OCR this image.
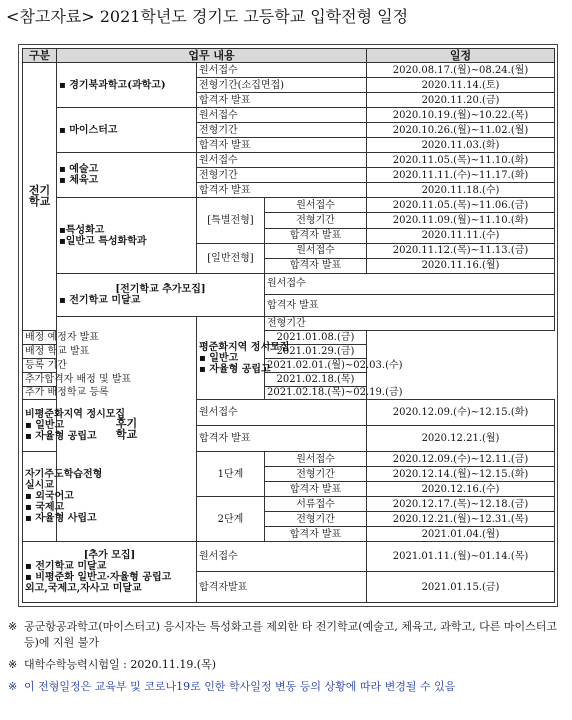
<참고자료> 2021학년도 경기도 고등학교 입학전형 일정
구분	업무 내용			일정	
전기
학교	▪ 경기북과학고(과학고)	원서접수		2020.08.17.(월)~08.24.(월)	
		전형기간(소집면접)		2020.11.14.(토)	
		합격자 발표		2020.11.20.(금)	
	▪ 마이스터고	원서접수		2020.10.19.(월)~10.22.(목)	
		전형기간		2020.10.26.(월)~11.02.(월)	
		합격자 발표		2020.11.03.(화)	

	▪ 예술고
▪ 체육고	원서접수		2020.11.05.(목)~11.10.(화)	
		전형기간		2020.11.11.(수)~11.17.(화)	
		합격자 발표		2020.11.18.(수)	

	▪특성화고
▪일반고 특성화학과	[특별전형]	원서접수	2020.11.05.(목)~11.06.(금)	
			전형기간	2020.11.09.(월)~11.10.(화)	
			합격자 발표	2020.11.11.(수)	
		[일반전형]	원서접수	2020.11.12.(목)~11.13.(금)	
			합격자 발표	2020.11.16.(월)	

	[전기학교 추가모집]
▪ 전기학교 미달교		원서접수	
			합격자 발표	
	후기
학교	평준화지역 정시모집
▪ 일반고
▪ 자율형 공립고	전형기간	
배정 예정자 발표			2021.01.08.(금)		
배정 학교 발표			2021.01.29.(금)		
등록 기간			2021.02.01.(월)~02.03.(수)		
추가합격자 배정 및 발표			2021.02.18.(목)		
추가 배정학교 등록			2021.02.18.(목)~02.19.(금)		

비평준화지역 정시모집
▪ 일반고
▪ 자율형 공립고		원서접수		2020.12.09.(수)~12.15.(화)	
		합격자 발표		2020.12.21.(월)	

자기주도학습전형
실시교
▪ 외국어고
▪ 국제고
▪ 자율형 사립고		1단계	원서접수	2020.12.09.(수)~12.11.(금)	
			전형기간	2020.12.14.(월)~12.15.(화)	
			합격자 발표	2020.12.16.(수)	
		2단계	서류접수	2020.12.17.(목)~12.18.(금)	
			전형기간	2020.12.21.(월)~12.31.(목)	
			합격자 발표	2021.01.04.(월)	

[추가 모집]
▪ 전기학교 미달교
▪ 비평준화 일반고·자율형 공립고
외고,국제고,자사고 미달교		원서접수		2021.01.11.(월)~01.14.(목)	
		합격자발표		2021.01.15.(금)	
※ 공군항공과학고(마이스터고) 응시자는 특성화고를 제외한 타 전기학교(예술고, 체육고, 과학고, 다른 마이스터고 등)에 지원 불가
※ 대학수학능력시험일 : 2020.11.19.(목)
※ 이 전형일정은 교육부 및 코로나19로 인한 학사일정 변동 등의 상황에 따라 변경될 수 있음
